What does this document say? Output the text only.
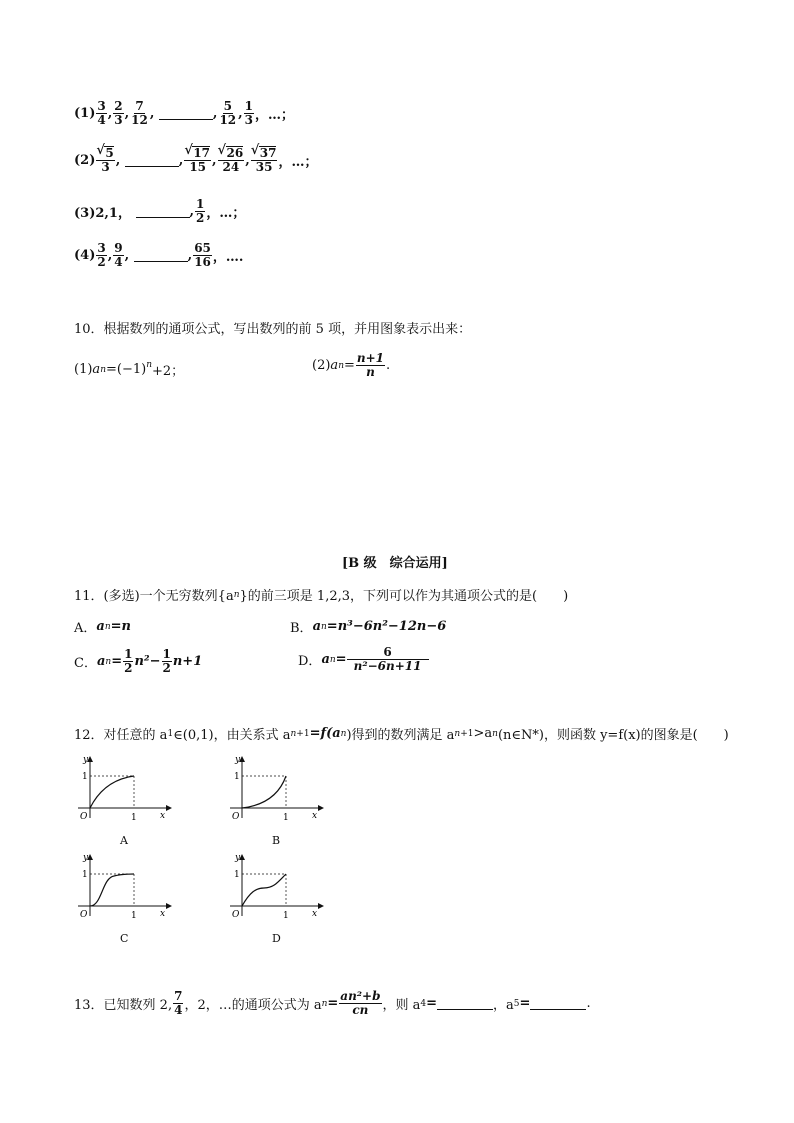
$(1) \frac{3}{4}$ , $\frac{2}{3}$ , $\frac{7}{12}$ ,
	, $\frac{5}{12}$ , $\frac{1}{3}$ ，…；
(2) √ $\frac{5}{3}$ ,
	, √ $\frac{17}{15}$ , √ $\frac{26}{24}$ , √ $\frac{37}{35}$ ，…；
(3)2,1，
	, $\frac{1}{2}$ ，…；
$(4) \frac{3}{2}$ , $\frac{9}{4}$ ,
	, $\frac{65}{16}$ ，….
10．根据数列的通项公式，写出数列的前 5 项，并用图象表示出来：
(1) a $n =(-1)^n +2$；	(2) a $n = \frac{n+1}{n}$ .
[B 级　综合运用]
11．(多选)一个无穷数列{a n }的前三项是 1,2,3，下列可以作为其通项公式的是(　　)
A． a n =n	B． a n =n³−6n²−12n−6
C． a $n = \frac{1}{2} n^2- \frac{1}{2} n+1$	D． a $n = \frac{6}{\text{n²−6n+11}}$
12．对任意的 a 1 ∈(0,1)，由关系式 a n +1 =f(a n )得到的数列满足 a n +1 >a n (n∈N*)，则函数 y=f(x)的图象是(　　)
y
x
O
1
1
A
y
x
O
1
1
B
y
x
O
1
1
C
y
x
O
1
1
D
13．已知数列 2, $\frac{7}{4}$ ，2，…的通项公式为 a $n = \frac{\text{an²+b}}{cn}$ ，则 a 4 =	，a 5 =	.
